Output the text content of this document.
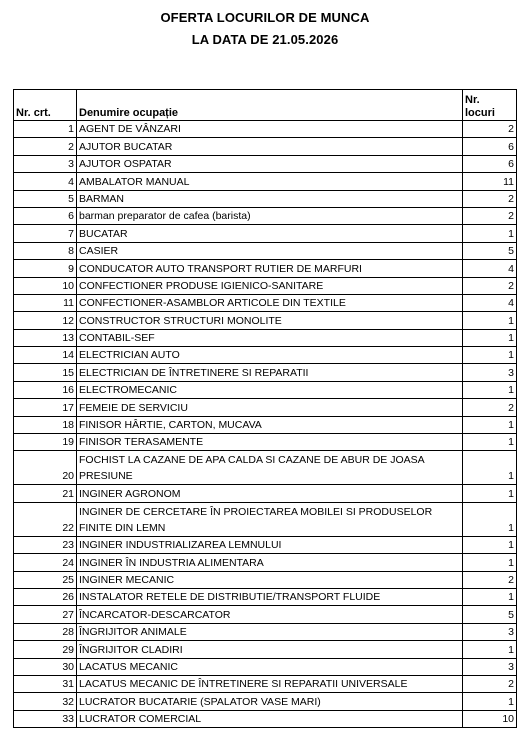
OFERTA LOCURILOR DE MUNCA
LA DATA DE 21.05.2026
Nr. crt.	Denumire ocupație	Nr.
locuri

1	AGENT DE VÂNZARI	2
2	AJUTOR BUCATAR	6
3	AJUTOR OSPATAR	6
4	AMBALATOR MANUAL	11
5	BARMAN	2
6	barman preparator de cafea (barista)	2
7	BUCATAR	1
8	CASIER	5
9	CONDUCATOR AUTO TRANSPORT RUTIER DE MARFURI	4
10	CONFECTIONER PRODUSE IGIENICO-SANITARE	2
11	CONFECTIONER-ASAMBLOR ARTICOLE DIN TEXTILE	4
12	CONSTRUCTOR STRUCTURI MONOLITE	1
13	CONTABIL-SEF	1
14	ELECTRICIAN AUTO	1
15	ELECTRICIAN DE ÎNTRETINERE SI REPARATII	3
16	ELECTROMECANIC	1
17	FEMEIE DE SERVICIU	2
18	FINISOR HÂRTIE, CARTON, MUCAVA	1
19	FINISOR TERASAMENTE	1
20	FOCHIST LA CAZANE DE APA CALDA SI CAZANE DE ABUR DE JOASA
PRESIUNE	1
21	INGINER AGRONOM	1
22	INGINER DE CERCETARE ÎN PROIECTAREA MOBILEI SI PRODUSELOR
FINITE DIN LEMN	1
23	INGINER INDUSTRIALIZAREA LEMNULUI	1
24	INGINER ÎN INDUSTRIA ALIMENTARA	1
25	INGINER MECANIC	2
26	INSTALATOR RETELE DE DISTRIBUTIE/TRANSPORT FLUIDE	1
27	ÎNCARCATOR-DESCARCATOR	5
28	ÎNGRIJITOR ANIMALE	3
29	ÎNGRIJITOR CLADIRI	1
30	LACATUS MECANIC	3
31	LACATUS MECANIC DE ÎNTRETINERE SI REPARATII UNIVERSALE	2
32	LUCRATOR BUCATARIE (SPALATOR VASE MARI)	1
33	LUCRATOR COMERCIAL	10
